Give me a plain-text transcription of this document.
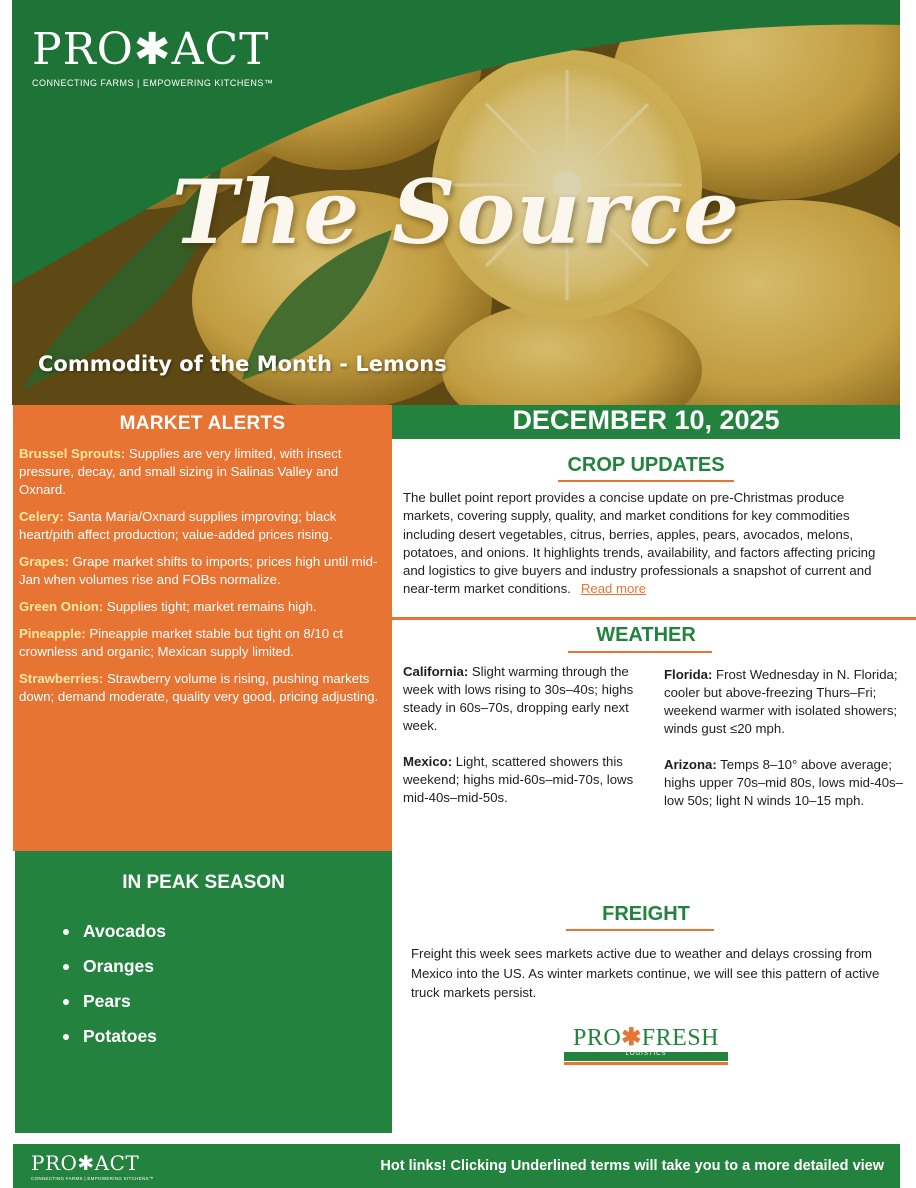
PRO✱ACT
CONNECTING FARMS | EMPOWERING KITCHENS™
The Source
Commodity of the Month - Lemons
MARKET ALERTS

Brussel Sprouts: Supplies are very limited, with insect pressure, decay, and small sizing in Salinas Valley and Oxnard.

Celery: Santa Maria/Oxnard supplies improving; black heart/pith affect production; value-added prices rising.

Grapes: Grape market shifts to imports; prices high until mid-Jan when volumes rise and FOBs normalize.

Green Onion: Supplies tight; market remains high.

Pineapple: Pineapple market stable but tight on 8/10 ct crownless and organic; Mexican supply limited.

Strawberries: Strawberry volume is rising, pushing markets down; demand moderate, quality very good, pricing adjusting.

DECEMBER 10, 2025
CROP UPDATES

The bullet point report provides a concise update on pre-Christmas produce markets, covering supply, quality, and market conditions for key commodities including desert vegetables, citrus, berries, apples, pears, avocados, melons, potatoes, and onions. It highlights trends, availability, and factors affecting pricing and logistics to give buyers and industry professionals a snapshot of current and near-term market conditions. Read more

WEATHER

California: Slight warming through the week with lows rising to 30s–40s; highs steady in 60s–70s, dropping early next week.

Mexico: Light, scattered showers this weekend; highs mid-60s–mid-70s, lows mid-40s–mid-50s.

Florida: Frost Wednesday in N. Florida; cooler but above-freezing Thurs–Fri; weekend warmer with isolated showers; winds gust ≤20 mph.

Arizona: Temps 8–10° above average; highs upper 70s–mid 80s, lows mid-40s–low 50s; light N winds 10–15 mph.

FREIGHT

Freight this week sees markets active due to weather and delays crossing from Mexico into the US. As winter markets continue, we will see this pattern of active truck markets persist.

PRO✱FRESH
LOGISTICS
IN PEAK SEASON
Avocados
Oranges
Pears
Potatoes
PRO✱ACT
CONNECTING FARMS | EMPOWERING KITCHENS™
Hot links! Clicking Underlined terms will take you to a more detailed view
